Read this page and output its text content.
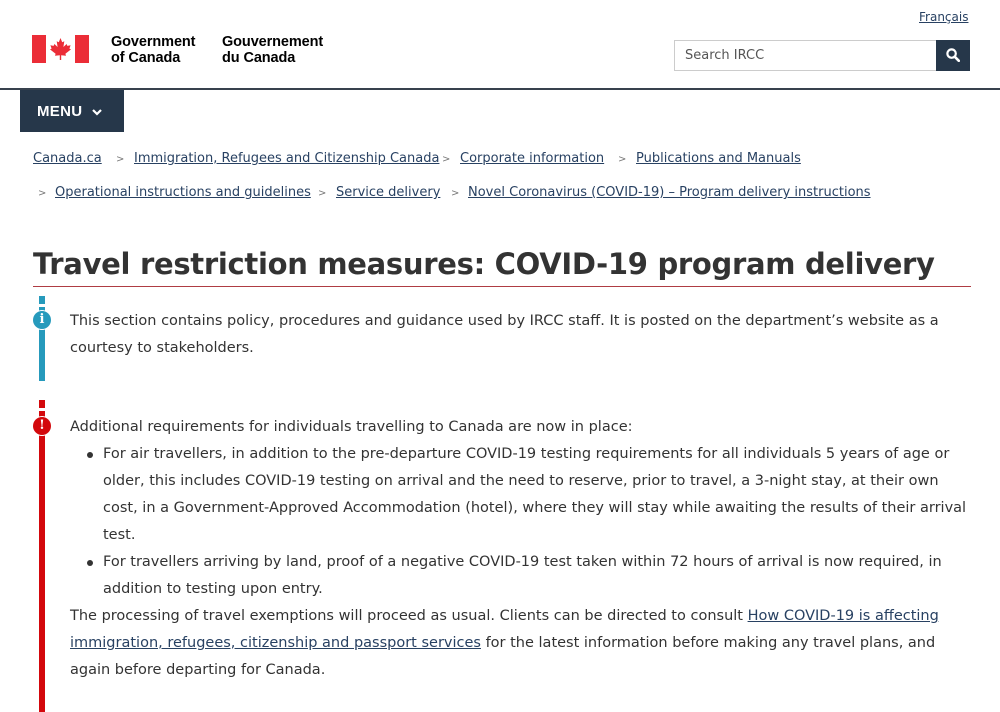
Français
Government
of Canada
Gouvernement
du Canada
Search IRCC
MENU
Canada.ca > Immigration, Refugees and Citizenship Canada > Corporate information > Publications and Manuals
> Operational instructions and guidelines > Service delivery > Novel Coronavirus (COVID-19) – Program delivery instructions
Travel restriction measures: COVID-19 program delivery
i	This section contains policy, procedures and guidance used by IRCC staff. It is posted on the department’s website as a courtesy to stakeholders.

!	Additional requirements for individuals travelling to Canada are now in place:

For air travellers, in addition to the pre-departure COVID-19 testing requirements for all individuals 5 years of age or older, this includes COVID-19 testing on arrival and the need to reserve, prior to travel, a 3-night stay, at their own cost, in a Government-Approved Accommodation (hotel), where they will stay while awaiting the results of their arrival test.
For travellers arriving by land, proof of a negative COVID-19 test taken within 72 hours of arrival is now required, in addition to testing upon entry.

The processing of travel exemptions will proceed as usual. Clients can be directed to consult How COVID-19 is affecting immigration, refugees, citizenship and passport services for the latest information before making any travel plans, and again before departing for Canada.
